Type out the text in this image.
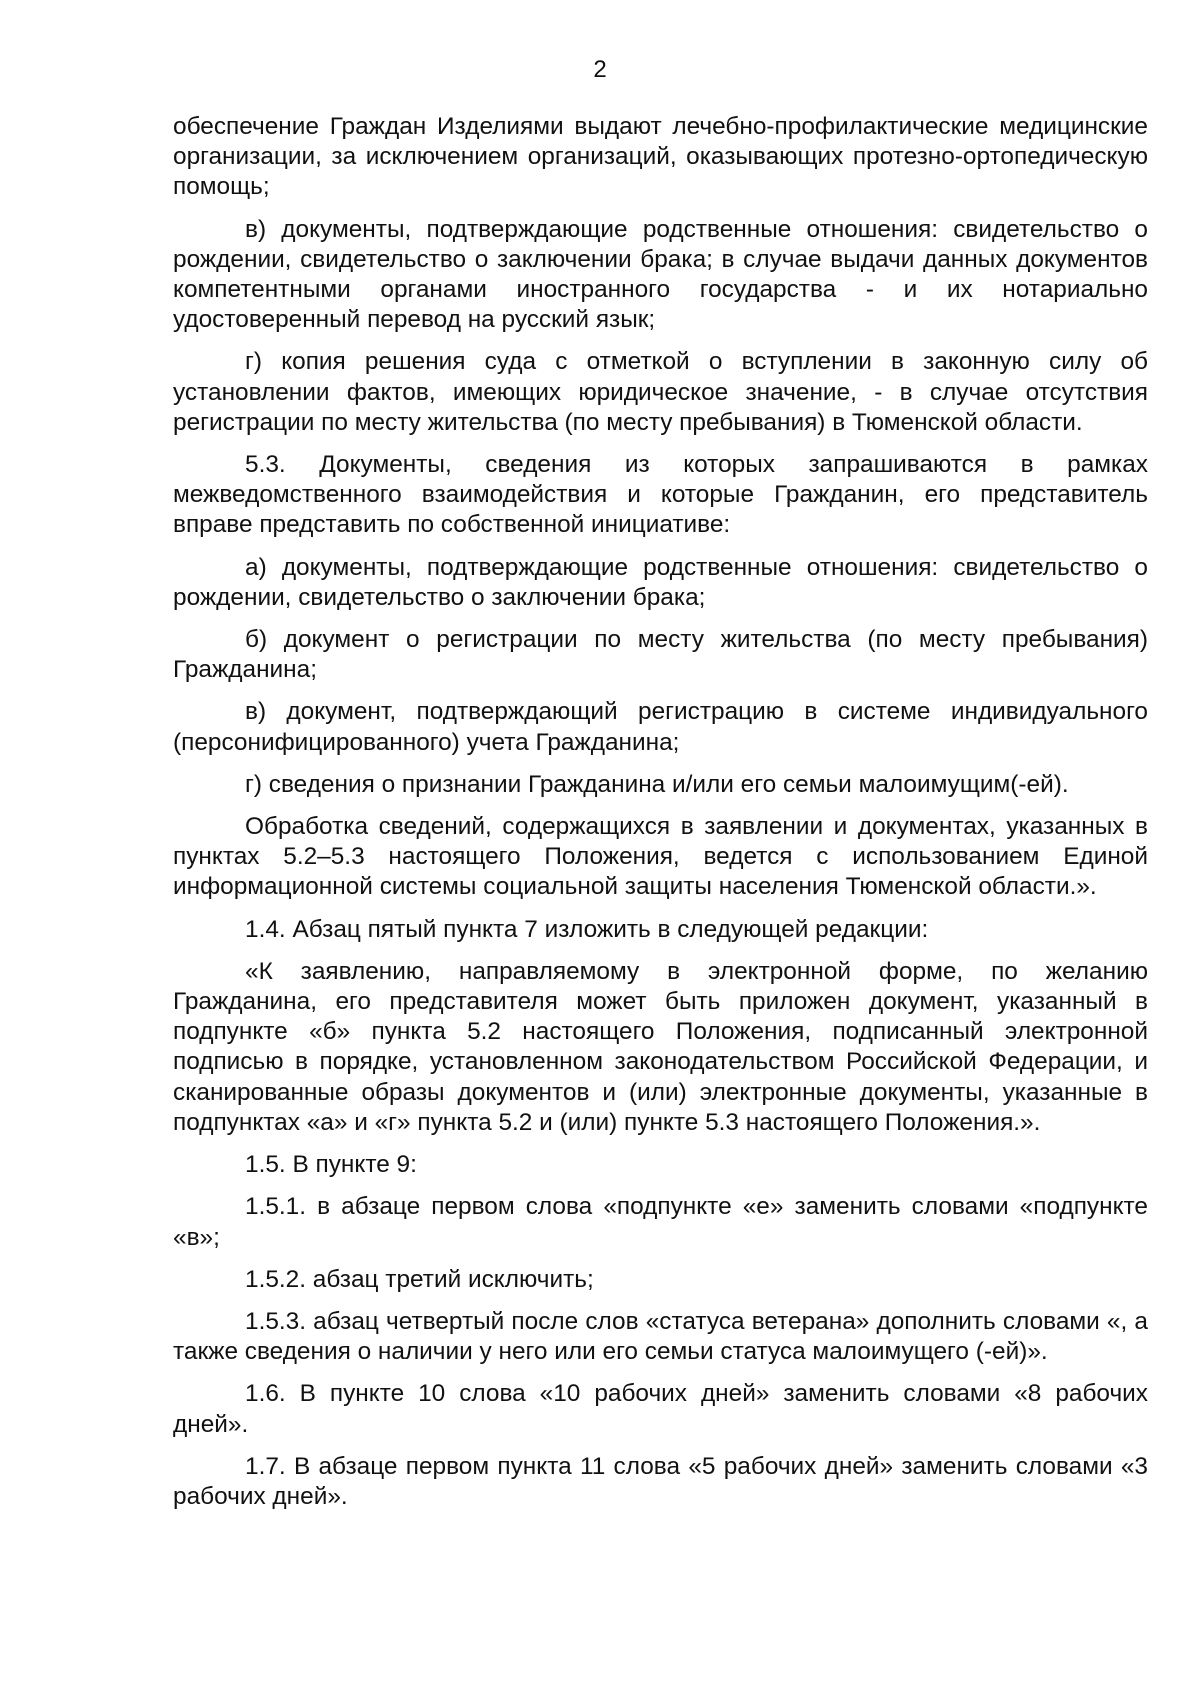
2

обеспечение Граждан Изделиями выдают лечебно-профилактические медицинские организации, за исключением организаций, оказывающих протезно-ортопедическую помощь;

в) документы, подтверждающие родственные отношения: свидетельство о рождении, свидетельство о заключении брака; в случае выдачи данных документов компетентными органами иностранного государства - и их нотариально удостоверенный перевод на русский язык;

г) копия решения суда с отметкой о вступлении в законную силу об установлении фактов, имеющих юридическое значение, - в случае отсутствия регистрации по месту жительства (по месту пребывания) в Тюменской области.

5.3. Документы, сведения из которых запрашиваются в рамках межведомственного взаимодействия и которые Гражданин, его представитель вправе представить по собственной инициативе:

а) документы, подтверждающие родственные отношения: свидетельство о рождении, свидетельство о заключении брака;

б) документ о регистрации по месту жительства (по месту пребывания) Гражданина;

в) документ, подтверждающий регистрацию в системе индивидуального (персонифицированного) учета Гражданина;

г) сведения о признании Гражданина и/или его семьи малоимущим(-ей).

Обработка сведений, содержащихся в заявлении и документах, указанных в пунктах 5.2–5.3 настоящего Положения, ведется с использованием Единой информационной системы социальной защиты населения Тюменской области.».

1.4. Абзац пятый пункта 7 изложить в следующей редакции:

«К заявлению, направляемому в электронной форме, по желанию Гражданина, его представителя может быть приложен документ, указанный в подпункте «б» пункта 5.2 настоящего Положения, подписанный электронной подписью в порядке, установленном законодательством Российской Федерации, и сканированные образы документов и (или) электронные документы, указанные в подпунктах «а» и «г» пункта 5.2 и (или) пункте 5.3 настоящего Положения.».

1.5. В пункте 9:

1.5.1. в абзаце первом слова «подпункте «е» заменить словами «подпункте «в»;

1.5.2. абзац третий исключить;

1.5.3. абзац четвертый после слов «статуса ветерана» дополнить словами «, а также сведения о наличии у него или его семьи статуса малоимущего (-ей)».

1.6. В пункте 10 слова «10 рабочих дней» заменить словами «8 рабочих дней».

1.7. В абзаце первом пункта 11 слова «5 рабочих дней» заменить словами «3 рабочих дней».
